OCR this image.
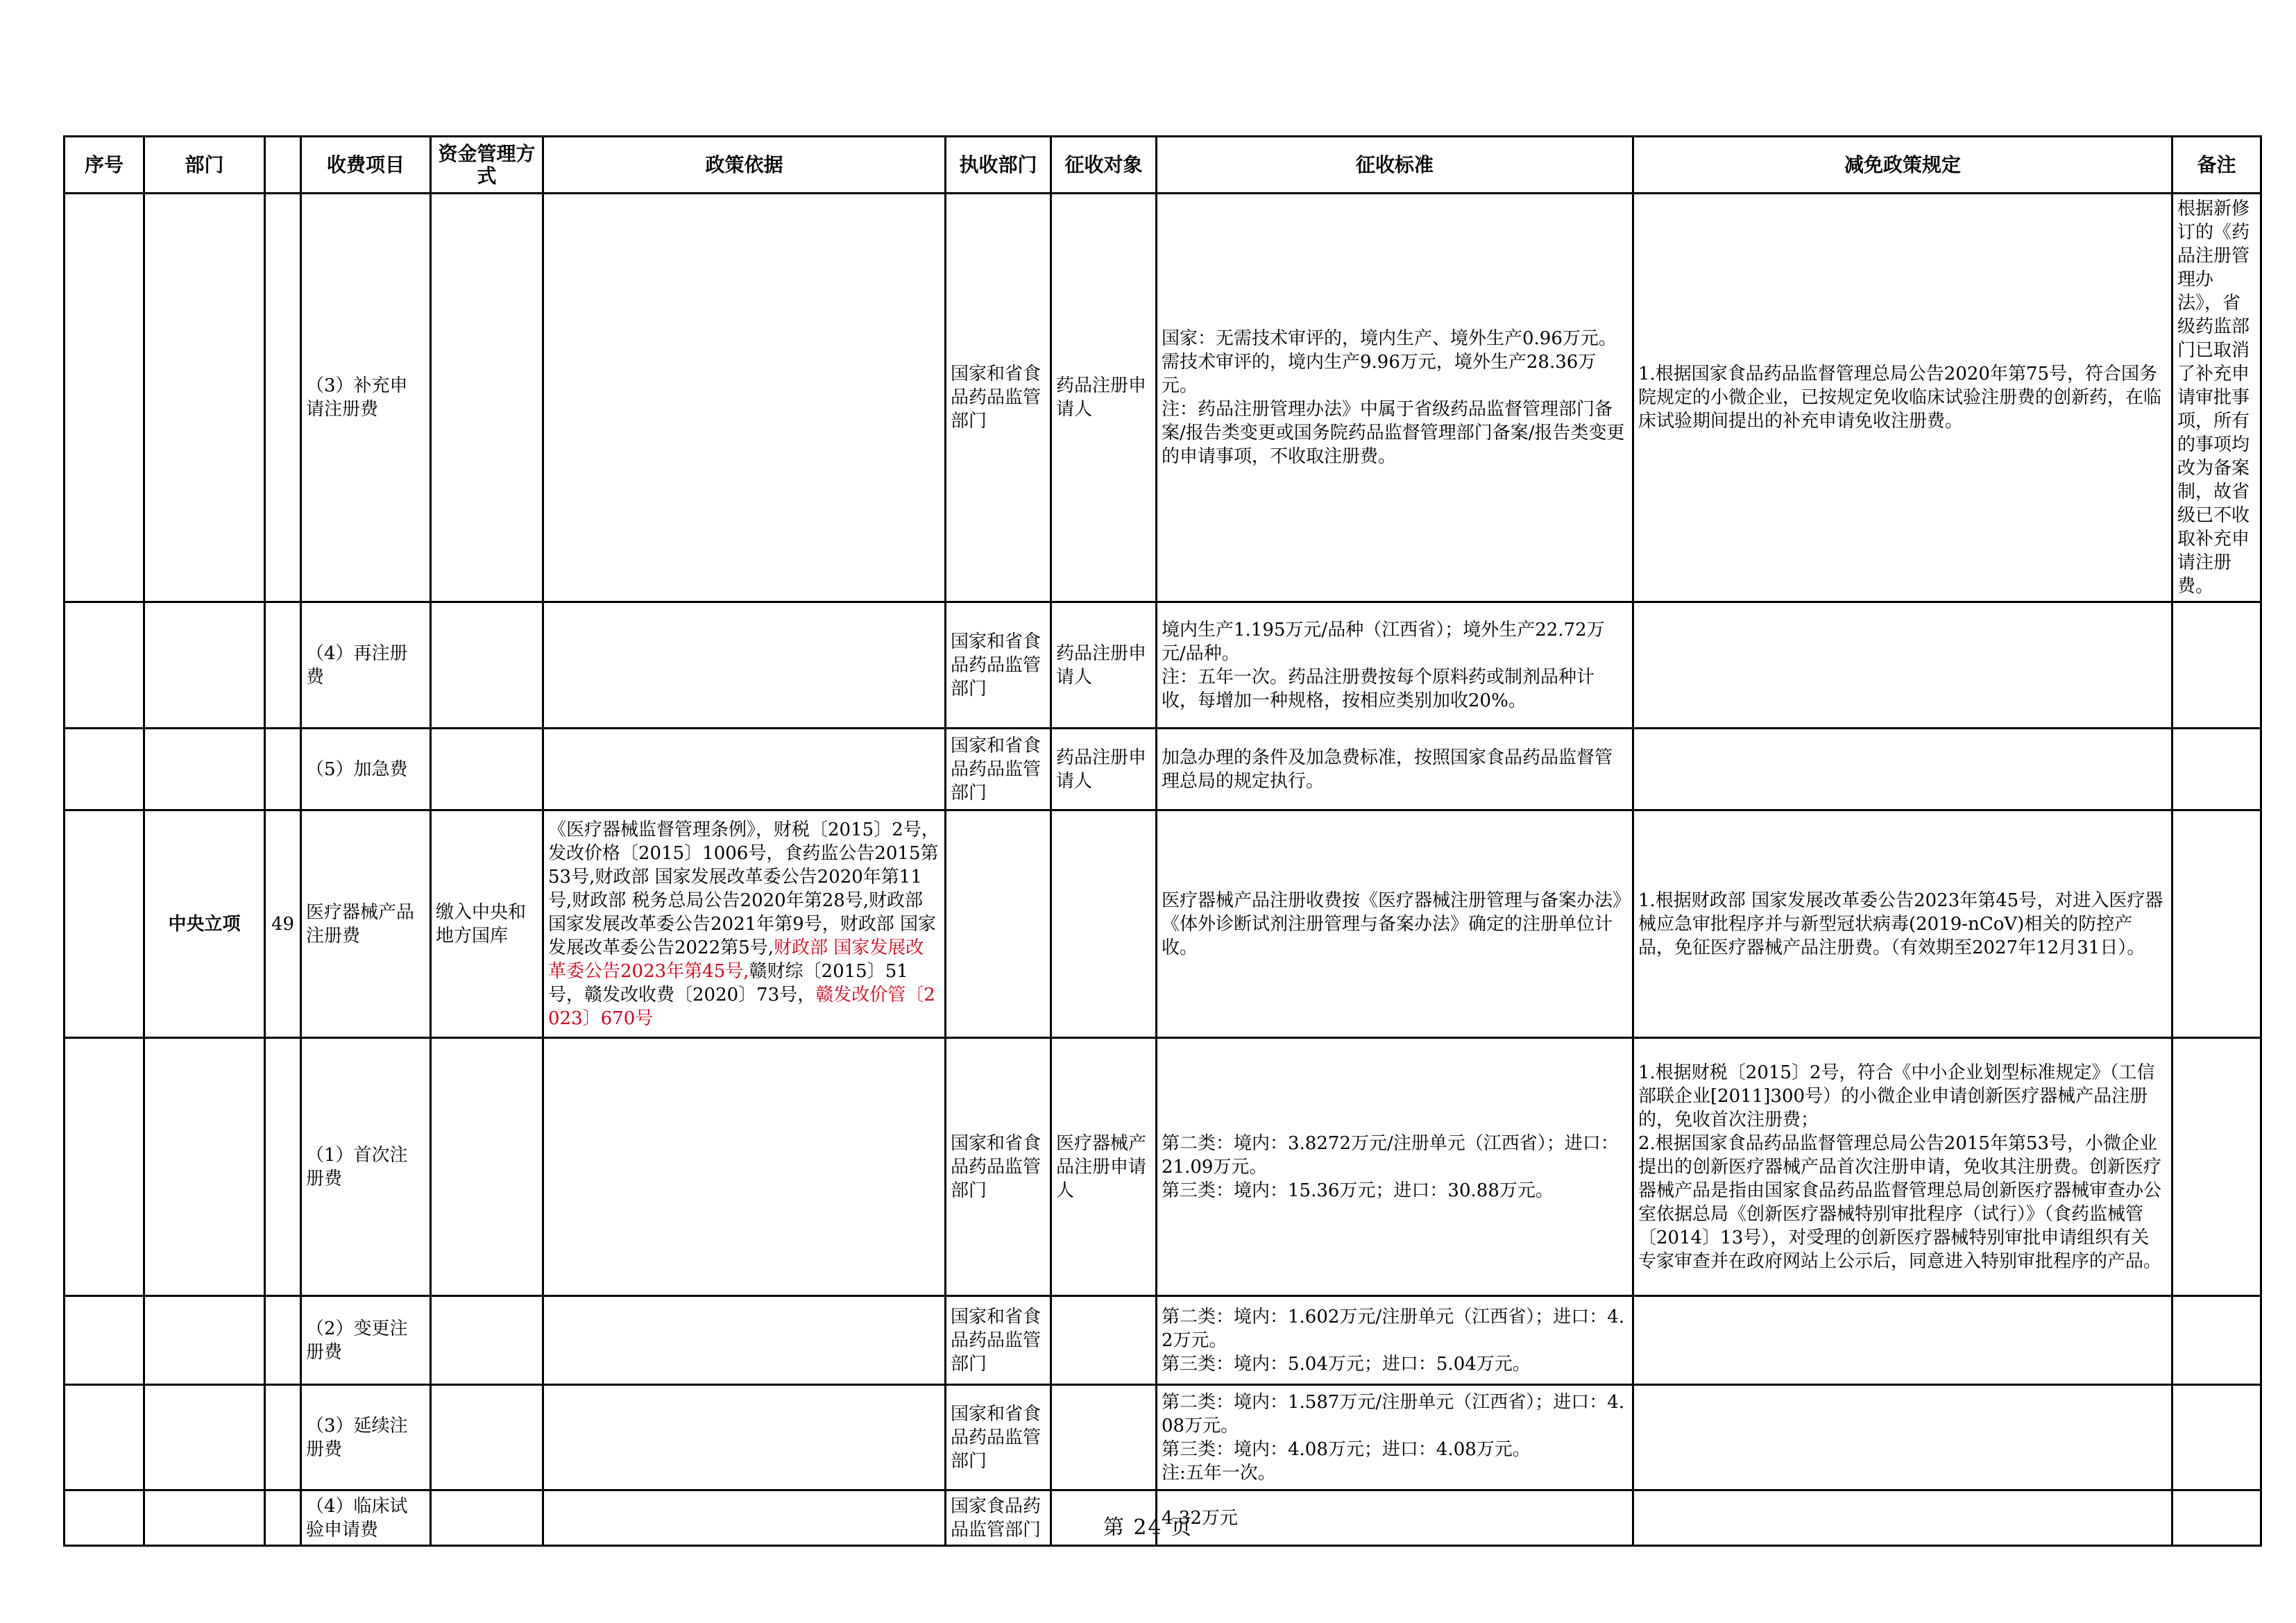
序号	部门		收费项目	资金管理方式	政策依据	执收部门	征收对象	征收标准	减免政策规定	备注
			（3）补充申请注册费			国家和省食品药品监管部门	药品注册申请人	国家：无需技术审评的，境内生产、境外生产0.96万元。需技术审评的，境内生产9.96万元，境外生产28.36万元。
注：药品注册管理办法》中属于省级药品监督管理部门备案/报告类变更或国务院药品监督管理部门备案/报告类变更的申请事项，不收取注册费。	1.根据国家食品药品监督管理总局公告2020年第75号，符合国务院规定的小微企业，已按规定免收临床试验注册费的创新药，在临床试验期间提出的补充申请免收注册费。	根据新修订的《药品注册管理办法》，省级药监部门已取消了补充申请审批事项，所有的事项均改为备案制，故省级已不收取补充申请注册费。
			（4）再注册费			国家和省食品药品监管部门	药品注册申请人	境内生产1.195万元/品种（江西省）；境外生产22.72万元/品种。
注：五年一次。药品注册费按每个原料药或制剂品种计收，每增加一种规格，按相应类别加收20%。		
			（5）加急费			国家和省食品药品监管部门	药品注册申请人	加急办理的条件及加急费标准，按照国家食品药品监督管理总局的规定执行。		
	中央立项	49	医疗器械产品注册费	缴入中央和地方国库	《医疗器械监督管理条例》，财税〔2015〕2号，发改价格〔2015〕1006号，食药监公告2015第53号,财政部 国家发展改革委公告2020年第11号,财政部 税务总局公告2020年第28号,财政部 国家发展改革委公告2021年第9号，财政部 国家发展改革委公告2022第5号,财政部 国家发展改革委公告2023年第45号,赣财综〔2015〕51号，赣发改收费〔2020〕73号，赣发改价管〔2023〕670号			医疗器械产品注册收费按《医疗器械注册管理与备案办法》《体外诊断试剂注册管理与备案办法》确定的注册单位计收。	1.根据财政部 国家发展改革委公告2023年第45号，对进入医疗器械应急审批程序并与新型冠状病毒(2019-nCoV)相关的防控产品，免征医疗器械产品注册费。（有效期至2027年12月31日）。	
			（1）首次注册费			国家和省食品药品监管部门	医疗器械产品注册申请人	第二类：境内：3.8272万元/注册单元（江西省）；进口：21.09万元。
第三类：境内：15.36万元；进口：30.88万元。	1.根据财税〔2015〕2号，符合《中小企业划型标准规定》（工信部联企业[2011]300号）的小微企业申请创新医疗器械产品注册的，免收首次注册费；
2.根据国家食品药品监督管理总局公告2015年第53号，小微企业提出的创新医疗器械产品首次注册申请，免收其注册费。创新医疗器械产品是指由国家食品药品监督管理总局创新医疗器械审查办公室依据总局《创新医疗器械特别审批程序（试行）》（食药监械管〔2014〕13号），对受理的创新医疗器械特别审批申请组织有关专家审查并在政府网站上公示后，同意进入特别审批程序的产品。	
			（2）变更注册费			国家和省食品药品监管部门		第二类：境内：1.602万元/注册单元（江西省）；进口：4.2万元。
第三类：境内：5.04万元；进口：5.04万元。		
			（3）延续注册费			国家和省食品药品监管部门		第二类：境内：1.587万元/注册单元（江西省）；进口：4.08万元。
第三类：境内：4.08万元；进口：4.08万元。
注:五年一次。		
			（4）临床试验申请费			国家食品药品监管部门		4.32万元		
第 24 页
